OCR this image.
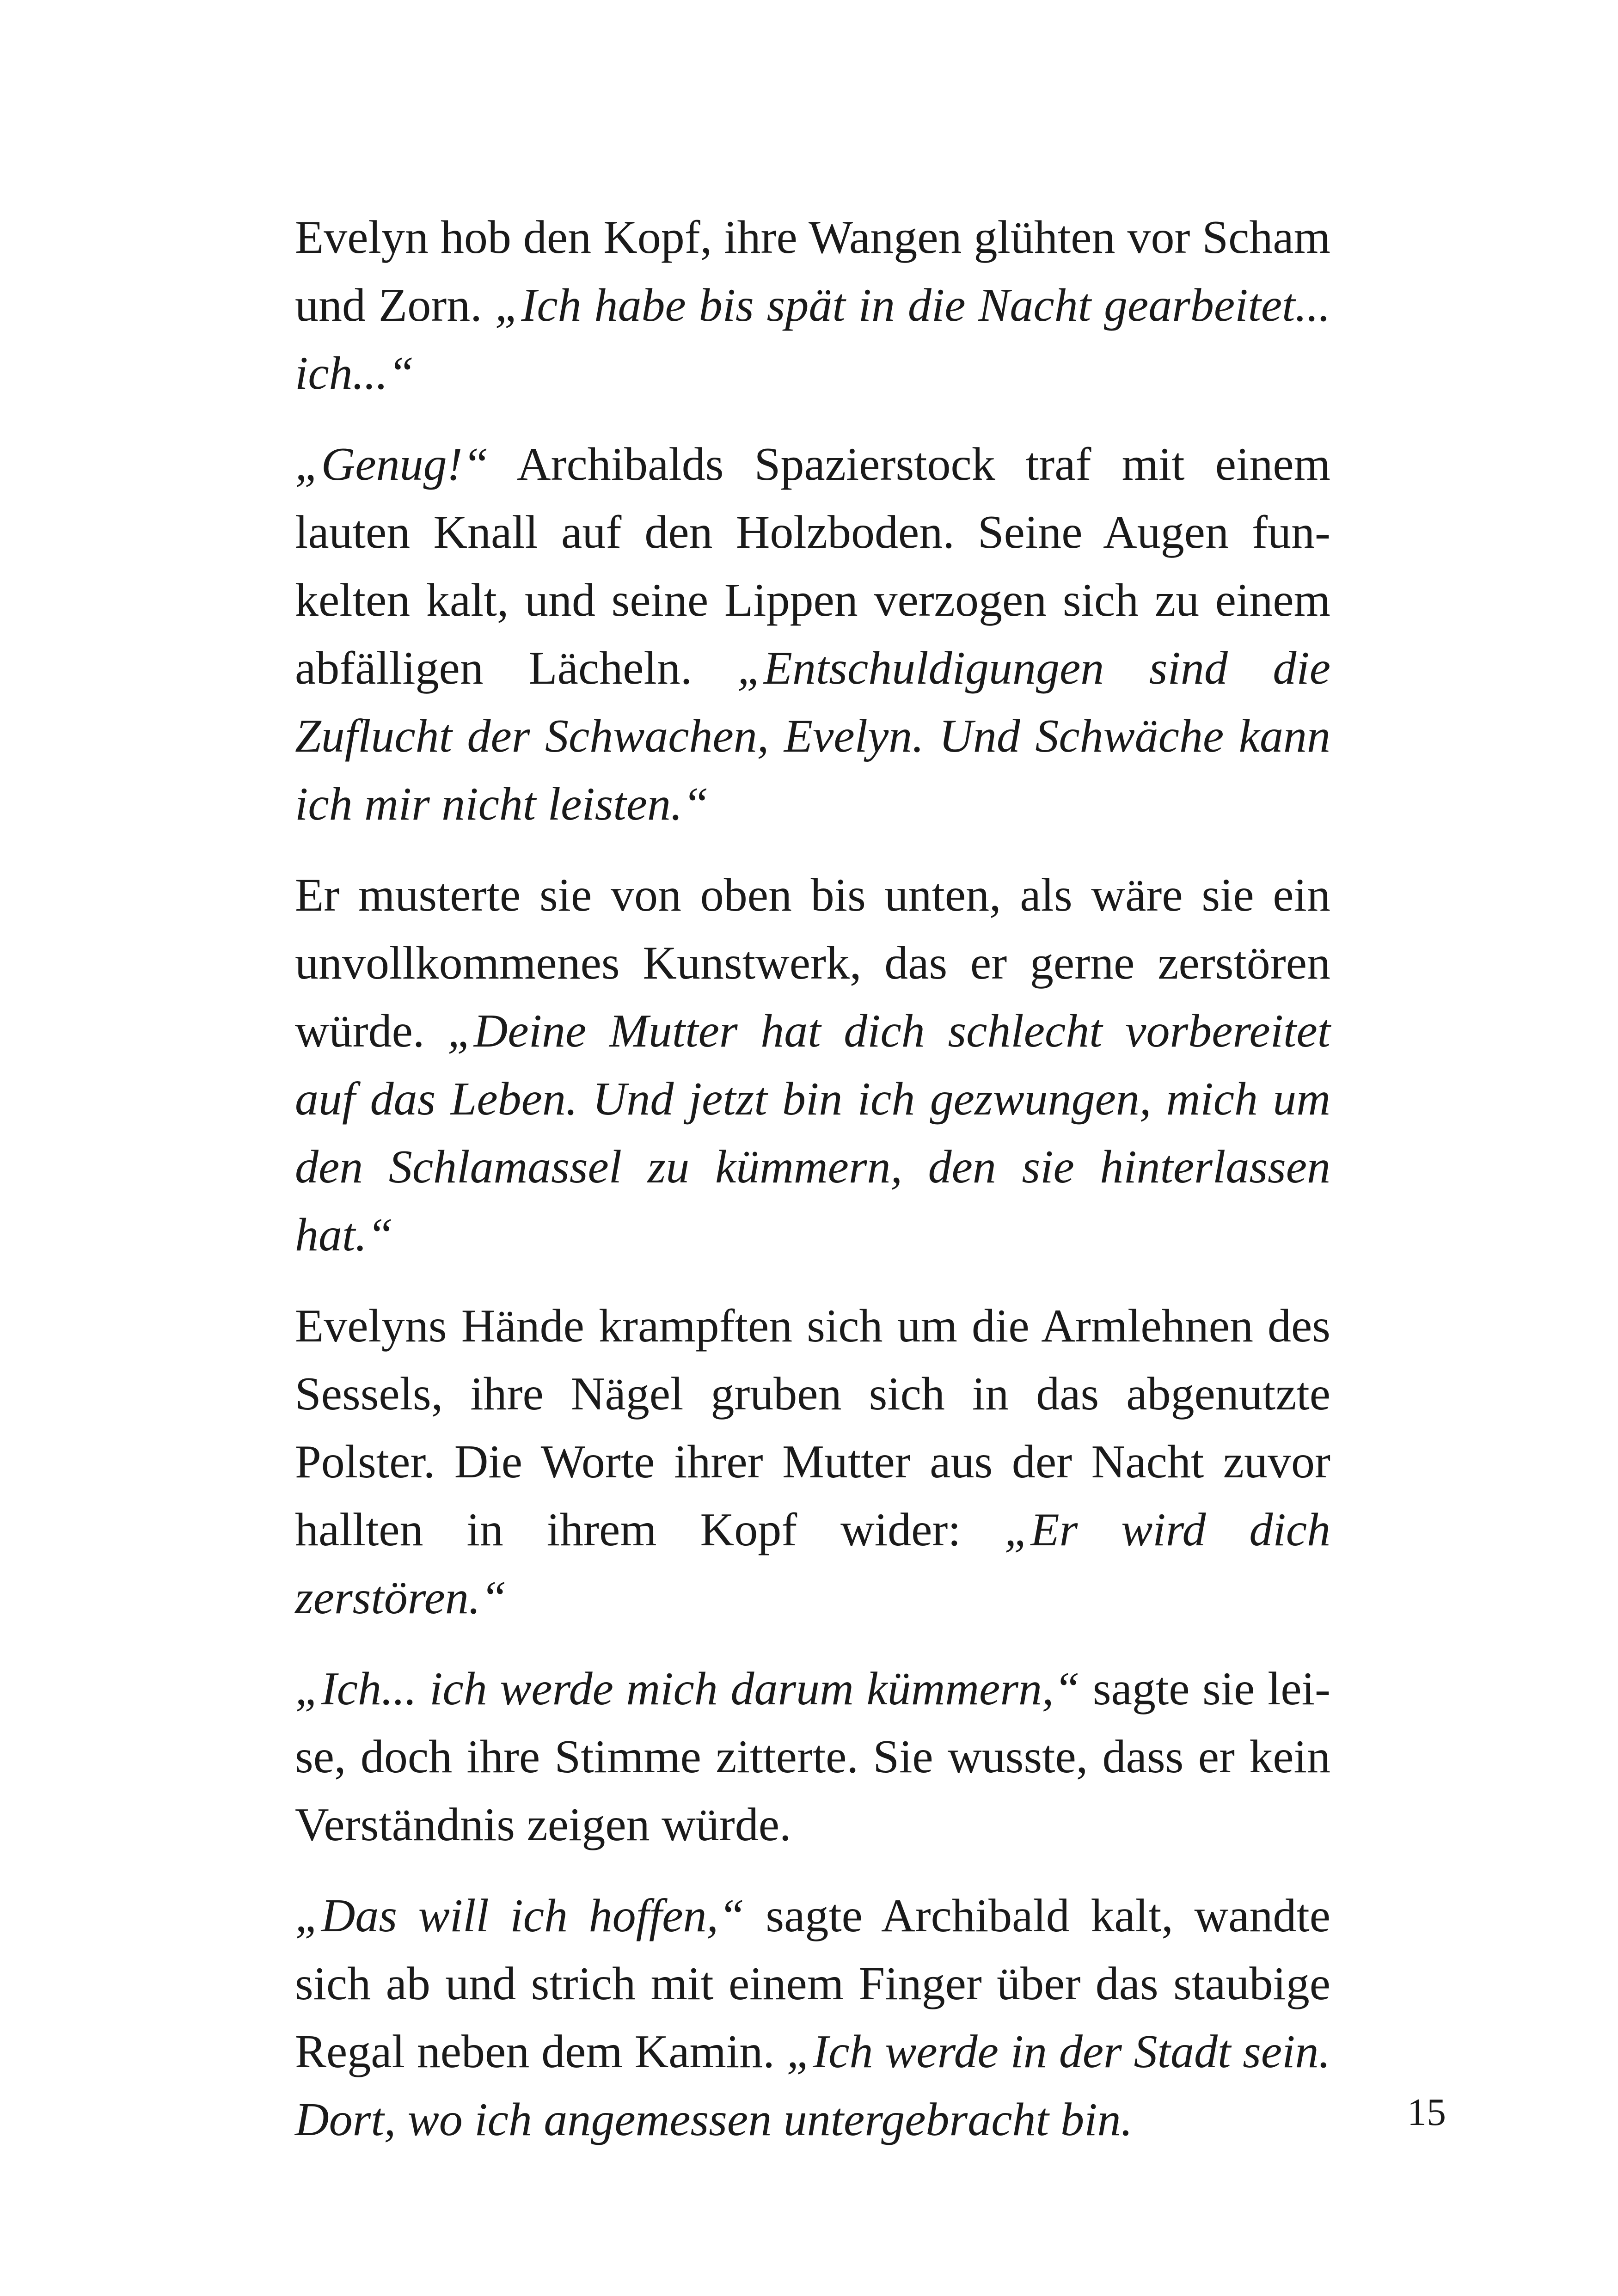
Evelyn hob den Kopf, ihre Wangen glühten vor Scham und Zorn. „Ich habe bis spät in die Nacht gearbeitet... ich...“

„Genug!“ Archibalds Spazierstock traf mit einem lauten Knall auf den Holzboden. Seine Augen funkelten kalt, und seine Lippen verzogen sich zu einem abfälligen Lächeln. „Entschuldigungen sind die Zuflucht der Schwachen, Evelyn. Und Schwäche kann ich mir nicht leisten.“

Er musterte sie von oben bis unten, als wäre sie ein unvollkommenes Kunstwerk, das er gerne zerstören würde. „Deine Mutter hat dich schlecht vorbereitet auf das Leben. Und jetzt bin ich gezwungen, mich um den Schlamassel zu kümmern, den sie hinterlassen hat.“

Evelyns Hände krampften sich um die Armlehnen des Sessels, ihre Nägel gruben sich in das abgenutzte Polster. Die Worte ihrer Mutter aus der Nacht zuvor hallten in ihrem Kopf wider: „Er wird dich zerstören.“

„Ich... ich werde mich darum kümmern,“ sagte sie leise, doch ihre Stimme zitterte. Sie wusste, dass er kein Verständnis zeigen würde.

„Das will ich hoffen,“ sagte Archibald kalt, wandte sich ab und strich mit einem Finger über das staubige Regal neben dem Kamin. „Ich werde in der Stadt sein. Dort, wo ich angemessen untergebracht bin.	15
